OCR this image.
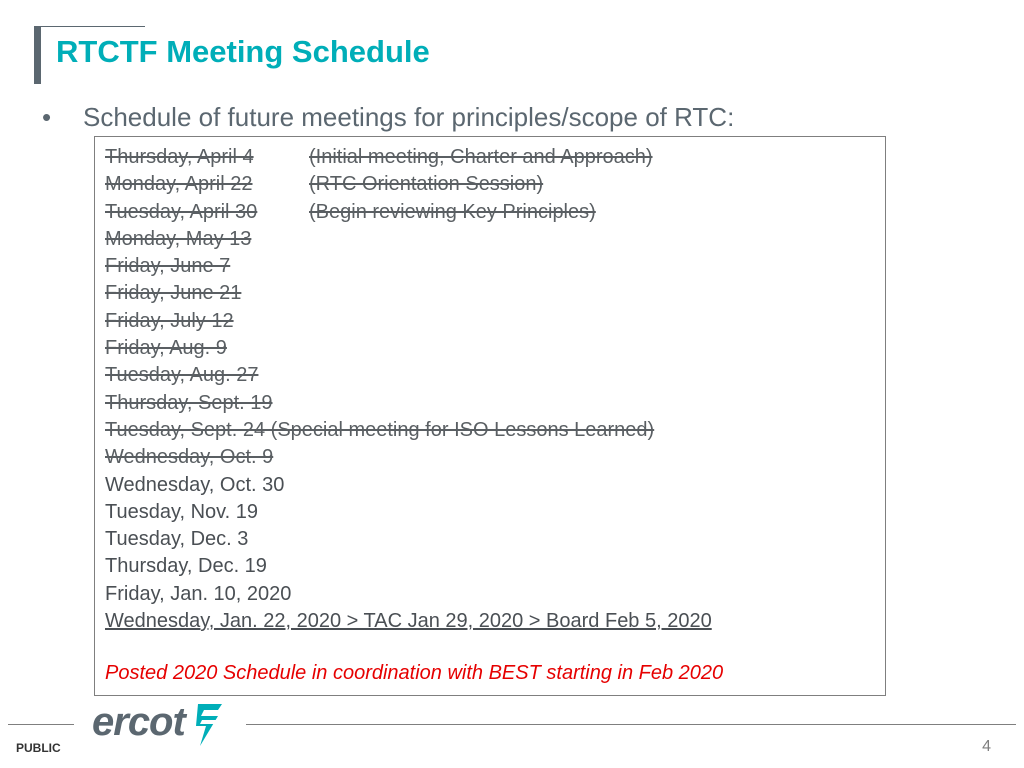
RTCTF Meeting Schedule
• Schedule of future meetings for principles/scope of RTC:
Thursday, April 4	(Initial meeting, Charter and Approach)
Monday, April 22	(RTC Orientation Session)
Tuesday, April 30	(Begin reviewing Key Principles)
Monday, May 13
Friday, June 7
Friday, June 21
Friday, July 12
Friday, Aug. 9
Tuesday, Aug. 27
Thursday, Sept. 19
Tuesday, Sept. 24 (Special meeting for ISO Lessons Learned)
Wednesday, Oct. 9
Wednesday, Oct. 30
Tuesday, Nov. 19
Tuesday, Dec. 3
Thursday, Dec. 19
Friday, Jan. 10, 2020
Wednesday, Jan. 22, 2020 > TAC Jan 29, 2020 > Board Feb 5, 2020
Posted 2020 Schedule in coordination with BEST starting in Feb 2020
ercot
PUBLIC	4
